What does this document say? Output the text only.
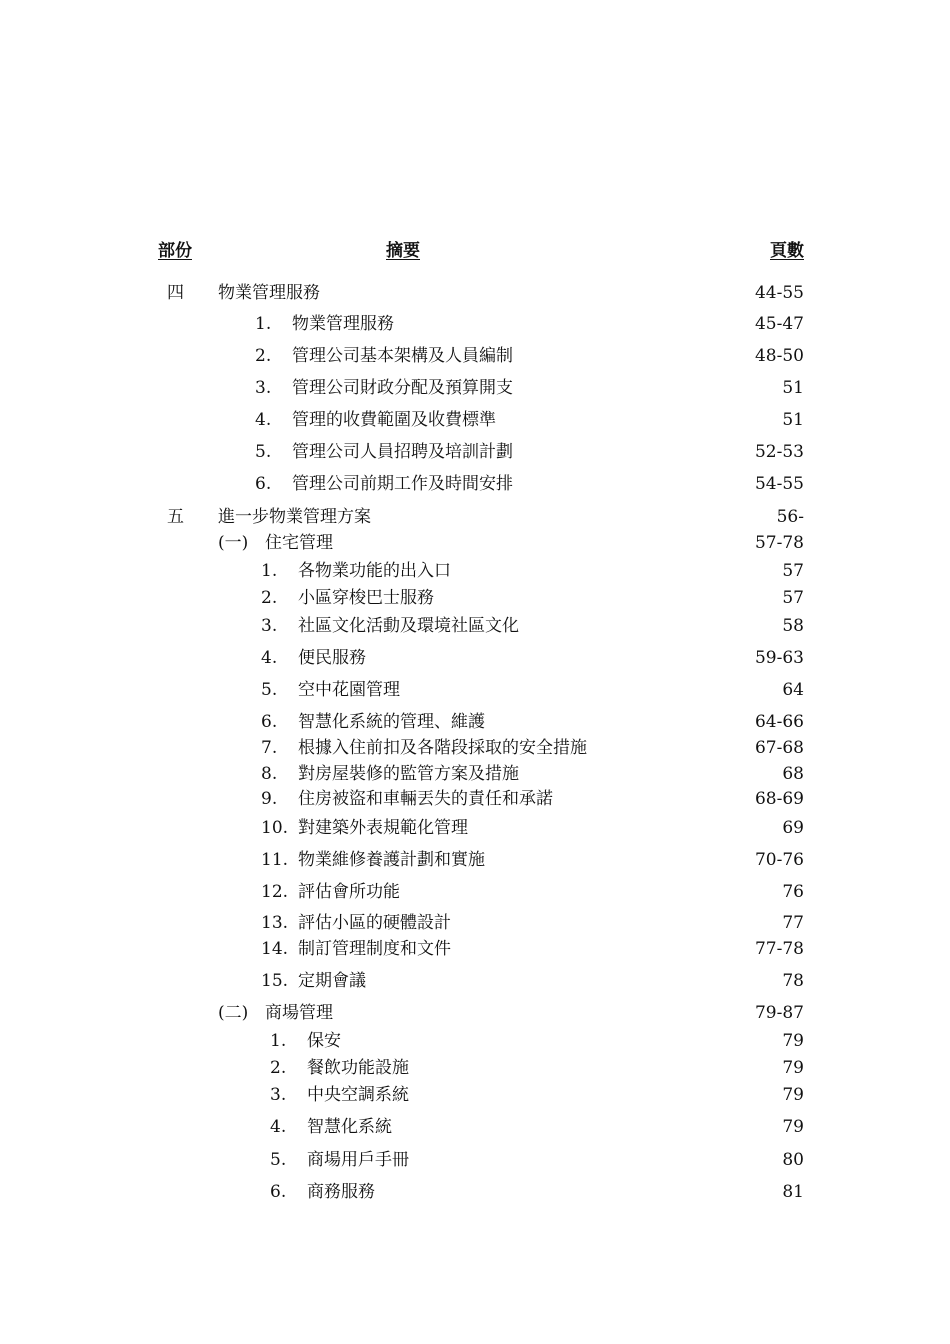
部份	摘要	頁數
四 物業管理服務	44-55
1. 物業管理服務	45-47
2. 管理公司基本架構及人員編制	48-50
3. 管理公司財政分配及預算開支	51
4. 管理的收費範圍及收費標準	51
5. 管理公司人員招聘及培訓計劃	52-53
6. 管理公司前期工作及時間安排	54-55
五 進一步物業管理方案	56-
(一) 住宅管理	57-78
1. 各物業功能的出入口	57
2. 小區穿梭巴士服務	57
3. 社區文化活動及環境社區文化	58
4. 便民服務	59-63
5. 空中花園管理	64
6. 智慧化系統的管理、維護	64-66
7. 根據入住前扣及各階段採取的安全措施	67-68
8. 對房屋裝修的監管方案及措施	68
9. 住房被盜和車輛丟失的責任和承諾	68-69
10. 對建築外表規範化管理	69
11. 物業維修養護計劃和實施	70-76
12. 評估會所功能	76
13. 評估小區的硬體設計	77
14. 制訂管理制度和文件	77-78
15. 定期會議	78
(二) 商場管理	79-87
1. 保安	79
2. 餐飲功能設施	79
3. 中央空調系統	79
4. 智慧化系統	79
5. 商場用戶手冊	80
6. 商務服務	81
